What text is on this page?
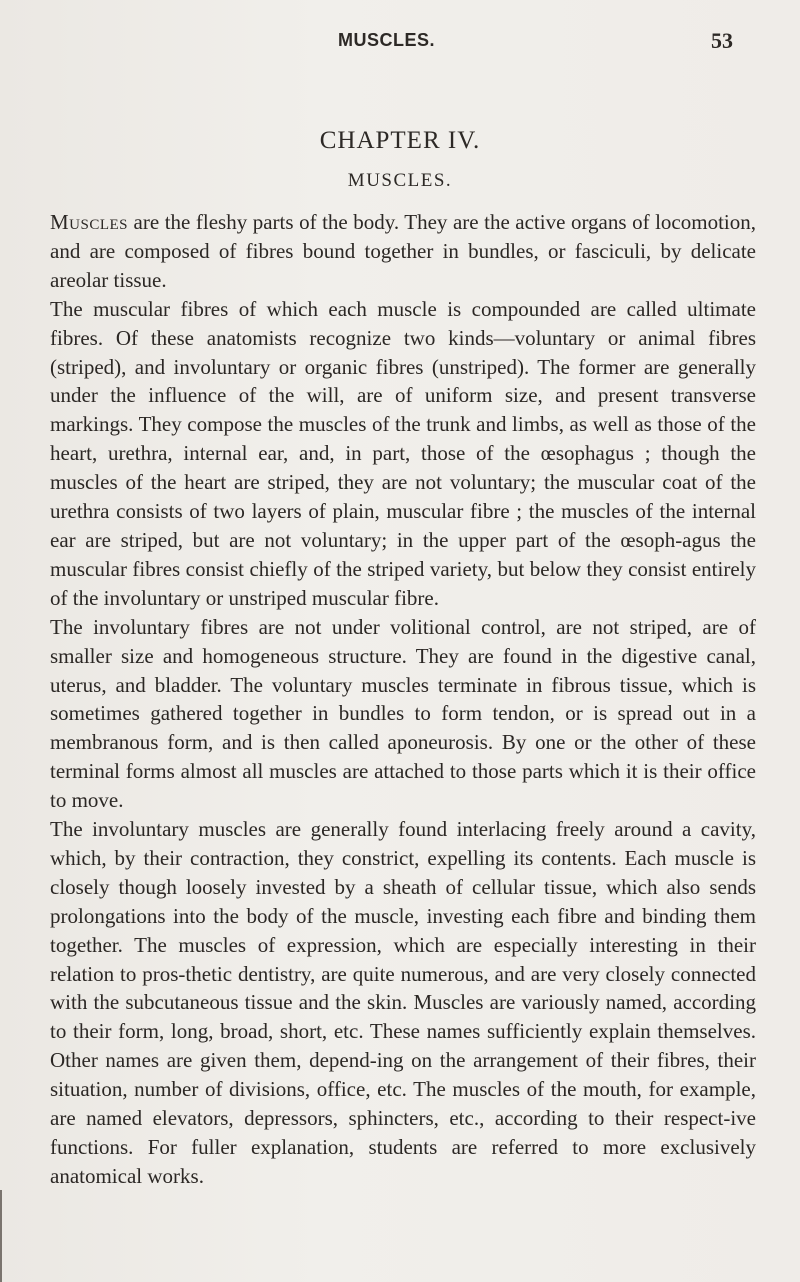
MUSCLES.	53
CHAPTER IV.
MUSCLES.

Muscles are the fleshy parts of the body. They are the active organs of locomotion, and are composed of fibres bound together in bundles, or fasciculi, by delicate areolar tissue.

The muscular fibres of which each muscle is compounded are called ultimate fibres. Of these anatomists recognize two kinds—voluntary or animal fibres (striped), and involuntary or organic fibres (unstriped). The former are generally under the influence of the will, are of uniform size, and present transverse markings. They compose the muscles of the trunk and limbs, as well as those of the heart, urethra, internal ear, and, in part, those of the œsophagus ; though the muscles of the heart are striped, they are not voluntary; the muscular coat of the urethra consists of two layers of plain, muscular fibre ; the muscles of the internal ear are striped, but are not voluntary; in the upper part of the œsoph-agus the muscular fibres consist chiefly of the striped variety, but below they consist entirely of the involuntary or unstriped muscular fibre.

The involuntary fibres are not under volitional control, are not striped, are of smaller size and homogeneous structure. They are found in the digestive canal, uterus, and bladder. The voluntary muscles terminate in fibrous tissue, which is sometimes gathered together in bundles to form tendon, or is spread out in a membranous form, and is then called aponeurosis. By one or the other of these terminal forms almost all muscles are attached to those parts which it is their office to move.

The involuntary muscles are generally found interlacing freely around a cavity, which, by their contraction, they constrict, expelling its contents. Each muscle is closely though loosely invested by a sheath of cellular tissue, which also sends prolongations into the body of the muscle, investing each fibre and binding them together. The muscles of expression, which are especially interesting in their relation to pros-thetic dentistry, are quite numerous, and are very closely connected with the subcutaneous tissue and the skin. Muscles are variously named, according to their form, long, broad, short, etc. These names sufficiently explain themselves. Other names are given them, depend-ing on the arrangement of their fibres, their situation, number of divisions, office, etc. The muscles of the mouth, for example, are named elevators, depressors, sphincters, etc., according to their respect-ive functions. For fuller explanation, students are referred to more exclusively anatomical works.
